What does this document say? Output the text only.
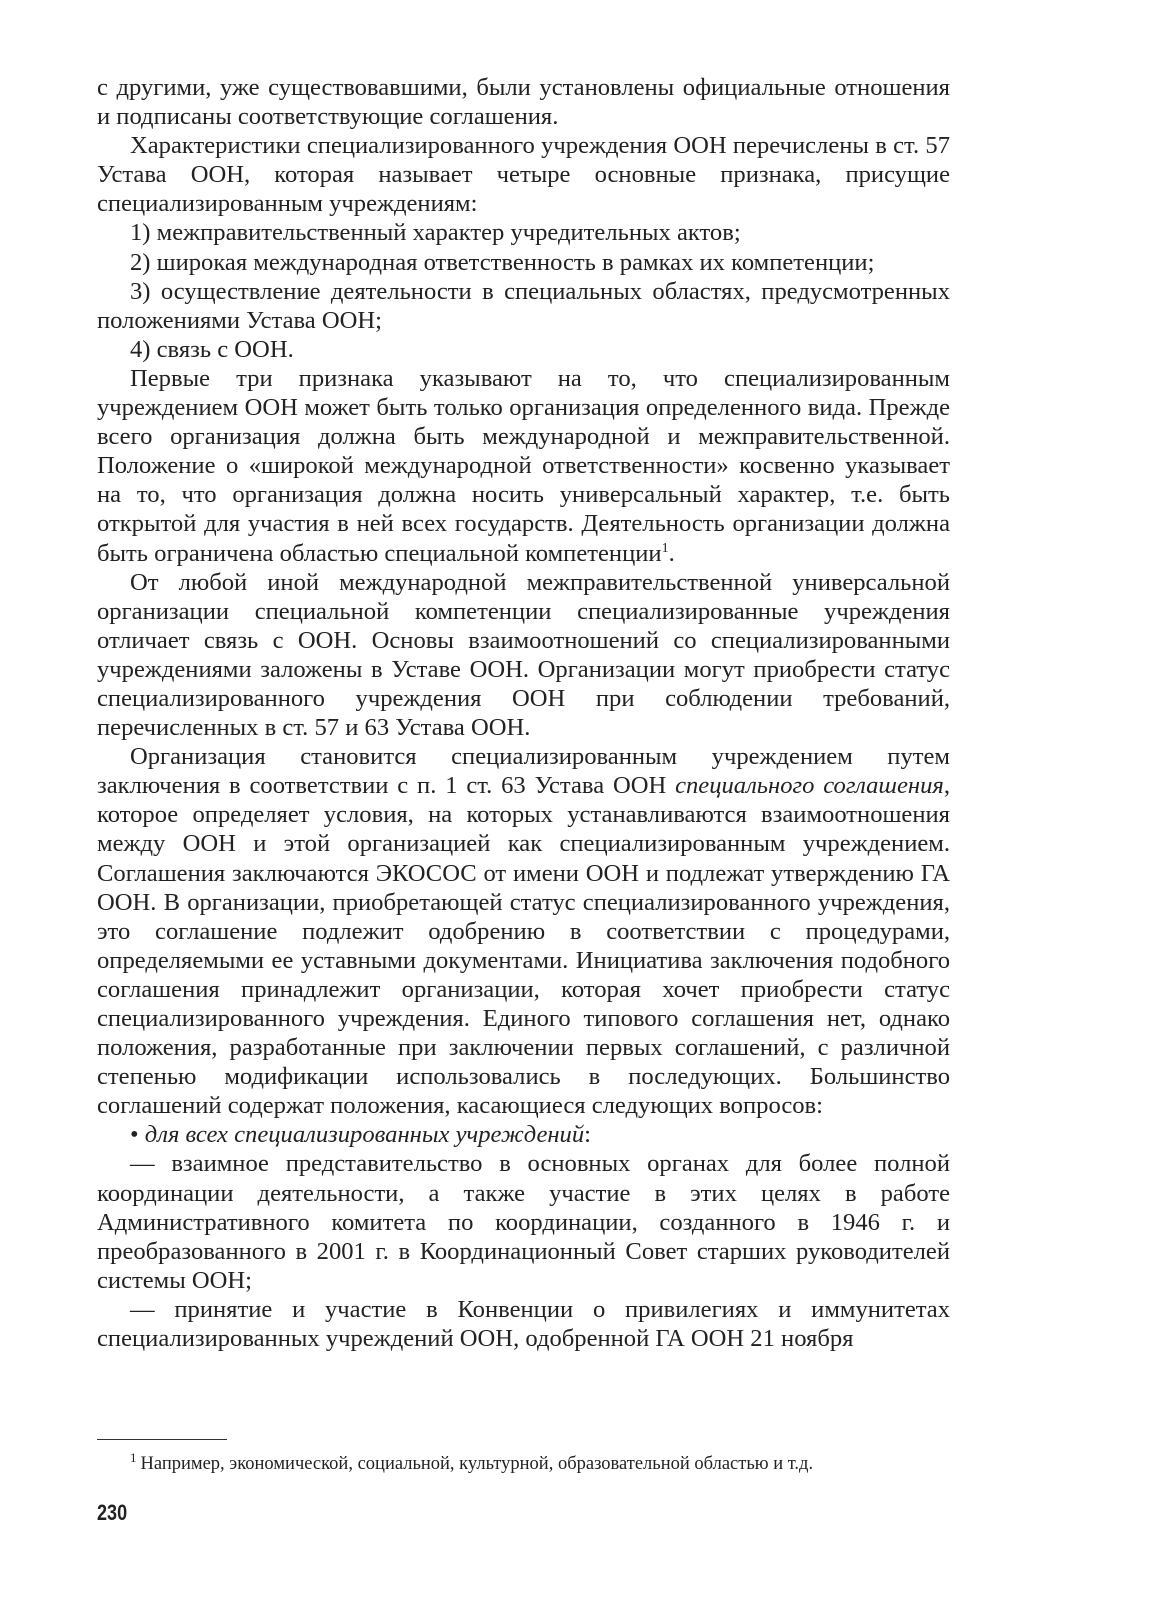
с другими, уже существовавшими, были установлены официальные отношения и подписаны соответствующие соглашения.

Характеристики специализированного учреждения ООН перечислены в ст. 57 Устава ООН, которая называет четыре основные признака, присущие специализированным учреждениям:

1) межправительственный характер учредительных актов;

2) широкая международная ответственность в рамках их компетенции;

3) осуществление деятельности в специальных областях, предусмотренных положениями Устава ООН;

4) связь с ООН.

Первые три признака указывают на то, что специализированным учреждением ООН может быть только организация определенного вида. Прежде всего организация должна быть международной и межправительственной. Положение о «широкой международной ответственности» косвенно указывает на то, что организация должна носить универсальный характер, т.е. быть открытой для участия в ней всех государств. Деятельность организации должна быть ограничена областью специальной компетенции$^1$.

От любой иной международной межправительственной универсальной организации специальной компетенции специализированные учреждения отличает связь с ООН. Основы взаимоотношений со специализированными учреждениями заложены в Уставе ООН. Организации могут приобрести статус специализированного учреждения ООН при соблюдении требований, перечисленных в ст. 57 и 63 Устава ООН.

Организация становится специализированным учреждением путем заключения в соответствии с п. 1 ст. 63 Устава ООН специального соглашения, которое определяет условия, на которых устанавливаются взаимоотношения между ООН и этой организацией как специализированным учреждением. Соглашения заключаются ЭКОСОС от имени ООН и подлежат утверждению ГА ООН. В организации, приобретающей статус специализированного учреждения, это соглашение подлежит одобрению в соответствии с процедурами, определяемыми ее уставными документами. Инициатива заключения подобного соглашения принадлежит организации, которая хочет приобрести статус специализированного учреждения. Единого типового соглашения нет, однако положения, разработанные при заключении первых соглашений, с различной степенью модификации использовались в последующих. Большинство соглашений содержат положения, касающиеся следующих вопросов:

• для всех специализированных учреждений:

— взаимное представительство в основных органах для более полной координации деятельности, а также участие в этих целях в работе Административного комитета по координации, созданного в 1946 г. и преобразованного в 2001 г. в Координационный Совет старших руководителей системы ООН;

— принятие и участие в Конвенции о привилегиях и иммунитетах специализированных учреждений ООН, одобренной ГА ООН 21 ноября

$^1$ Например, экономической, социальной, культурной, образовательной областью и т.д.
230
